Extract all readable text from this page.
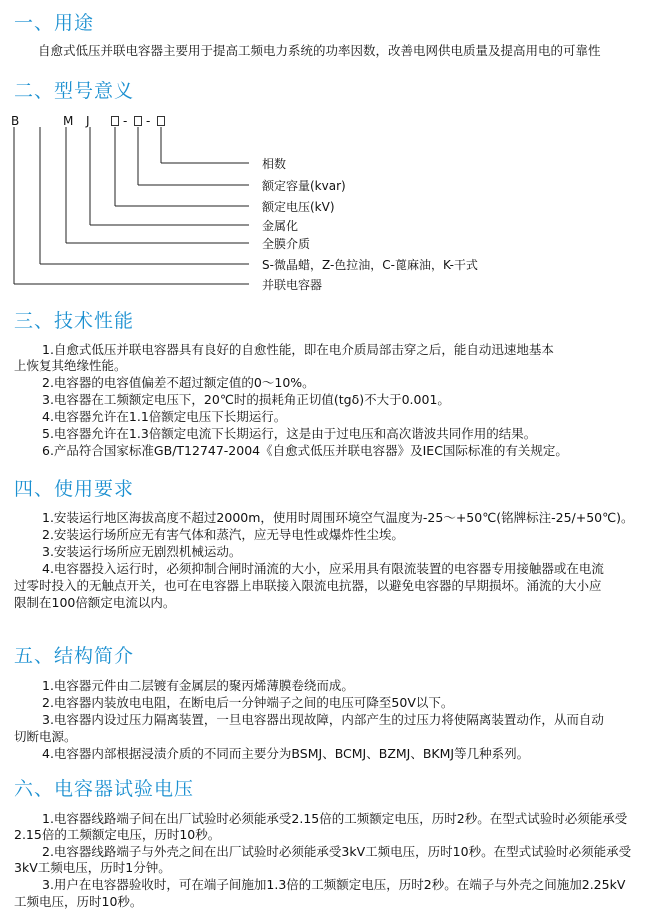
一、用途
自愈式低压并联电容器主要用于提高工频电力系统的功率因数，改善电网供电质量及提高用电的可靠性
二、型号意义
B	M J	- -
相数
额定容量(kvar)
额定电压(kV)
金属化
全膜介质
S-微晶蜡，Z-色拉油，C-蓖麻油，K-干式
并联电容器
三、技术性能
1.自愈式低压并联电容器具有良好的自愈性能，即在电介质局部击穿之后，能自动迅速地基本
上恢复其绝缘性能。
2.电容器的电容值偏差不超过额定值的0～10%。
3.电容器在工频额定电压下，20℃时的损耗角正切值(tgδ)不大于0.001。
4.电容器允许在1.1倍额定电压下长期运行。
5.电容器允许在1.3倍额定电流下长期运行，这是由于过电压和高次谐波共同作用的结果。
6.产品符合国家标准GB/T12747-2004《自愈式低压并联电容器》及IEC国际标准的有关规定。
四、使用要求
1.安装运行地区海拔高度不超过2000m，使用时周围环境空气温度为-25～+50℃(铭牌标注-25/+50℃)。
2.安装运行场所应无有害气体和蒸汽，应无导电性或爆炸性尘埃。
3.安装运行场所应无剧烈机械运动。
4.电容器投入运行时，必须抑制合闸时涌流的大小，应采用具有限流装置的电容器专用接触器或在电流
过零时投入的无触点开关，也可在电容器上串联接入限流电抗器，以避免电容器的早期损坏。涌流的大小应
限制在100倍额定电流以内。
五、结构简介
1.电容器元件由二层镀有金属层的聚丙烯薄膜卷绕而成。
2.电容器内装放电电阻，在断电后一分钟端子之间的电压可降至50V以下。
3.电容器内设过压力隔离装置，一旦电容器出现故障，内部产生的过压力将使隔离装置动作，从而自动
切断电源。
4.电容器内部根据浸渍介质的不同而主要分为BSMJ、BCMJ、BZMJ、BKMJ等几种系列。
六、电容器试验电压
1.电容器线路端子间在出厂试验时必须能承受2.15倍的工频额定电压，历时2秒。在型式试验时必须能承受
2.15倍的工频额定电压，历时10秒。
2.电容器线路端子与外壳之间在出厂试验时必须能承受3kV工频电压，历时10秒。在型式试验时必须能承受
3kV工频电压，历时1分钟。
3.用户在电容器验收时，可在端子间施加1.3倍的工频额定电压，历时2秒。在端子与外壳之间施加2.25kV
工频电压，历时10秒。
